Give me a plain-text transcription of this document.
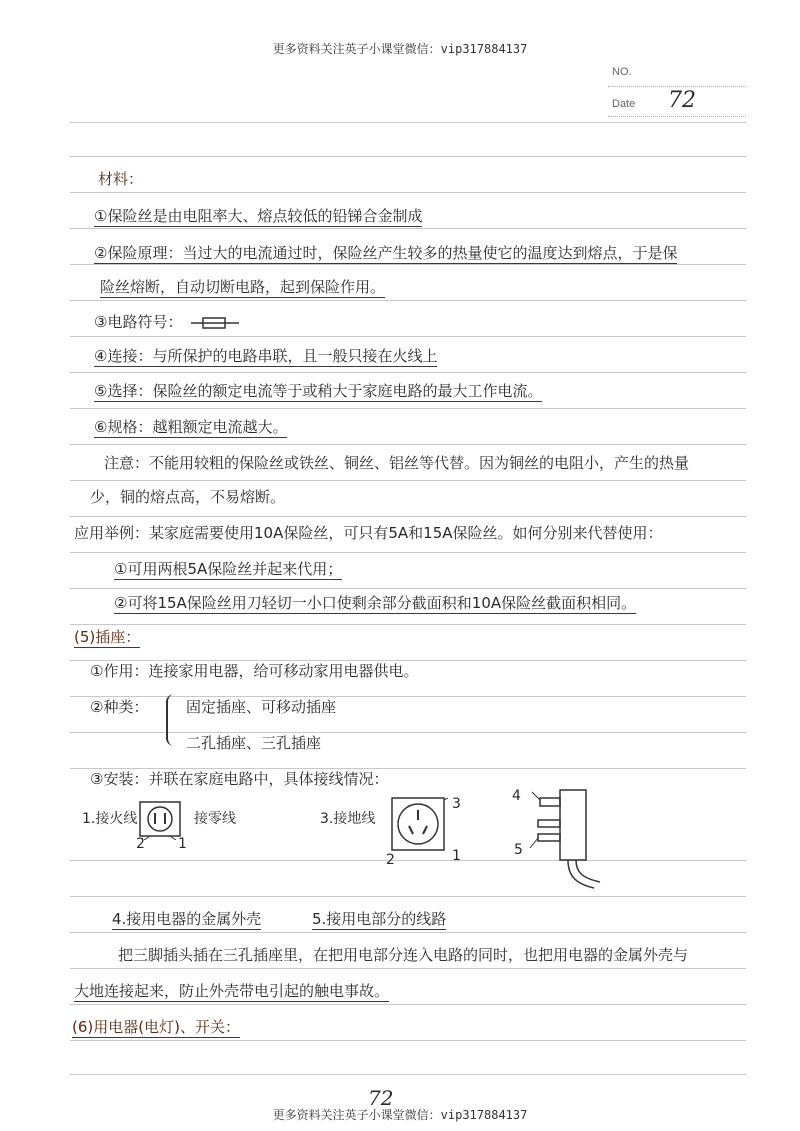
更多资料关注英子小课堂微信：vip317884137
NO.
Date 72
材料：
①保险丝是由电阻率大、熔点较低的铅锑合金制成
②保险原理：当过大的电流通过时，保险丝产生较多的热量使它的温度达到熔点，于是保
险丝熔断，自动切断电路，起到保险作用。
③电路符号：
④连接：与所保护的电路串联，且一般只接在火线上
⑤选择：保险丝的额定电流等于或稍大于家庭电路的最大工作电流。
⑥规格：越粗额定电流越大。
注意：不能用较粗的保险丝或铁丝、铜丝、铝丝等代替。因为铜丝的电阻小，产生的热量
少，铜的熔点高，不易熔断。
应用举例：某家庭需要使用10A保险丝，可只有5A和15A保险丝。如何分别来代替使用：
①可用两根5A保险丝并起来代用；
②可将15A保险丝用刀轻切一小口使剩余部分截面积和10A保险丝截面积相同。
(5)插座：
①作用：连接家用电器，给可移动家用电器供电。
②种类：	固定插座、可移动插座
二孔插座、三孔插座
③安装：并联在家庭电路中，具体接线情况：
1.接火线	接零线
2 1
3.接地线
3
2	1
4
5
4.接用电器的金属外壳	5.接用电部分的线路
把三脚插头插在三孔插座里，在把用电部分连入电路的同时，也把用电器的金属外壳与
大地连接起来，防止外壳带电引起的触电事故。
(6)用电器(电灯)、开关：
72
更多资料关注英子小课堂微信：vip317884137
